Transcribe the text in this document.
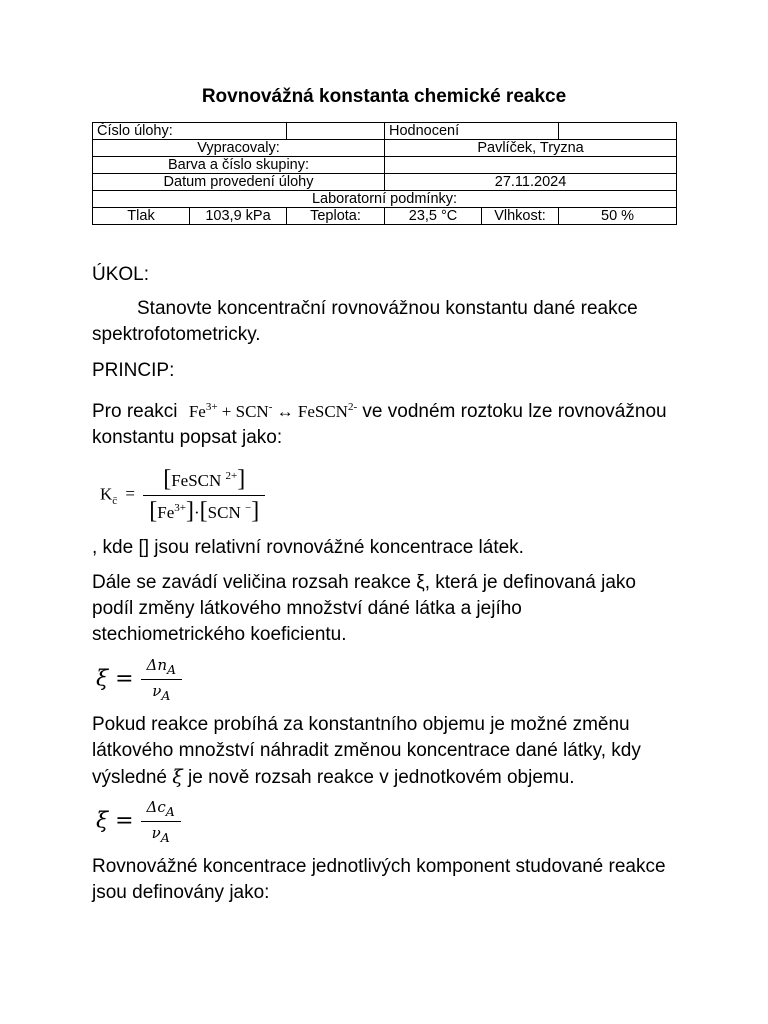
Rovnovážná konstanta chemické reakce
Číslo úlohy:			Hodnocení		
Vypracovaly:			Pavlíček, Tryzna		
Barva a číslo skupiny:					
Datum provedení úlohy			27.11.2024		
Laboratorní podmínky:					
Tlak	103,9 kPa	Teplota:	23,5 °C	Vlhkost:	50 %

ÚKOL:

Stanovte koncentrační rovnovážnou konstantu dané reakce spektrofotometricky.

PRINCIP:

Pro reakci $Fe^{3+} + SCN^-$ ↔ FeSCN$^{2-}$ ve vodném roztoku lze rovnovážnou konstantu popsat jako:

$K_{c̄} = \frac{[FeSCN ^{2+}]}{[Fe^{3+}]\cdot[SCN ^-]}$

, kde [] jsou relativní rovnovážné koncentrace látek.

Dále se zavádí veličina rozsah reakce ξ, která je definovaná jako podíl změny látkového množství dáné látka a jejího stechiometrického koeficientu.

$\xi = \frac{\Delta n_A}{\nu_A}$

Pokud reakce probíhá za konstantního objemu je možné změnu látkového množství náhradit změnou koncentrace dané látky, kdy výsledné ξ je nově rozsah reakce v jednotkovém objemu.

$\xi = \frac{\Delta c_A}{\nu_A}$

Rovnovážné koncentrace jednotlivých komponent studované reakce jsou definovány jako:
